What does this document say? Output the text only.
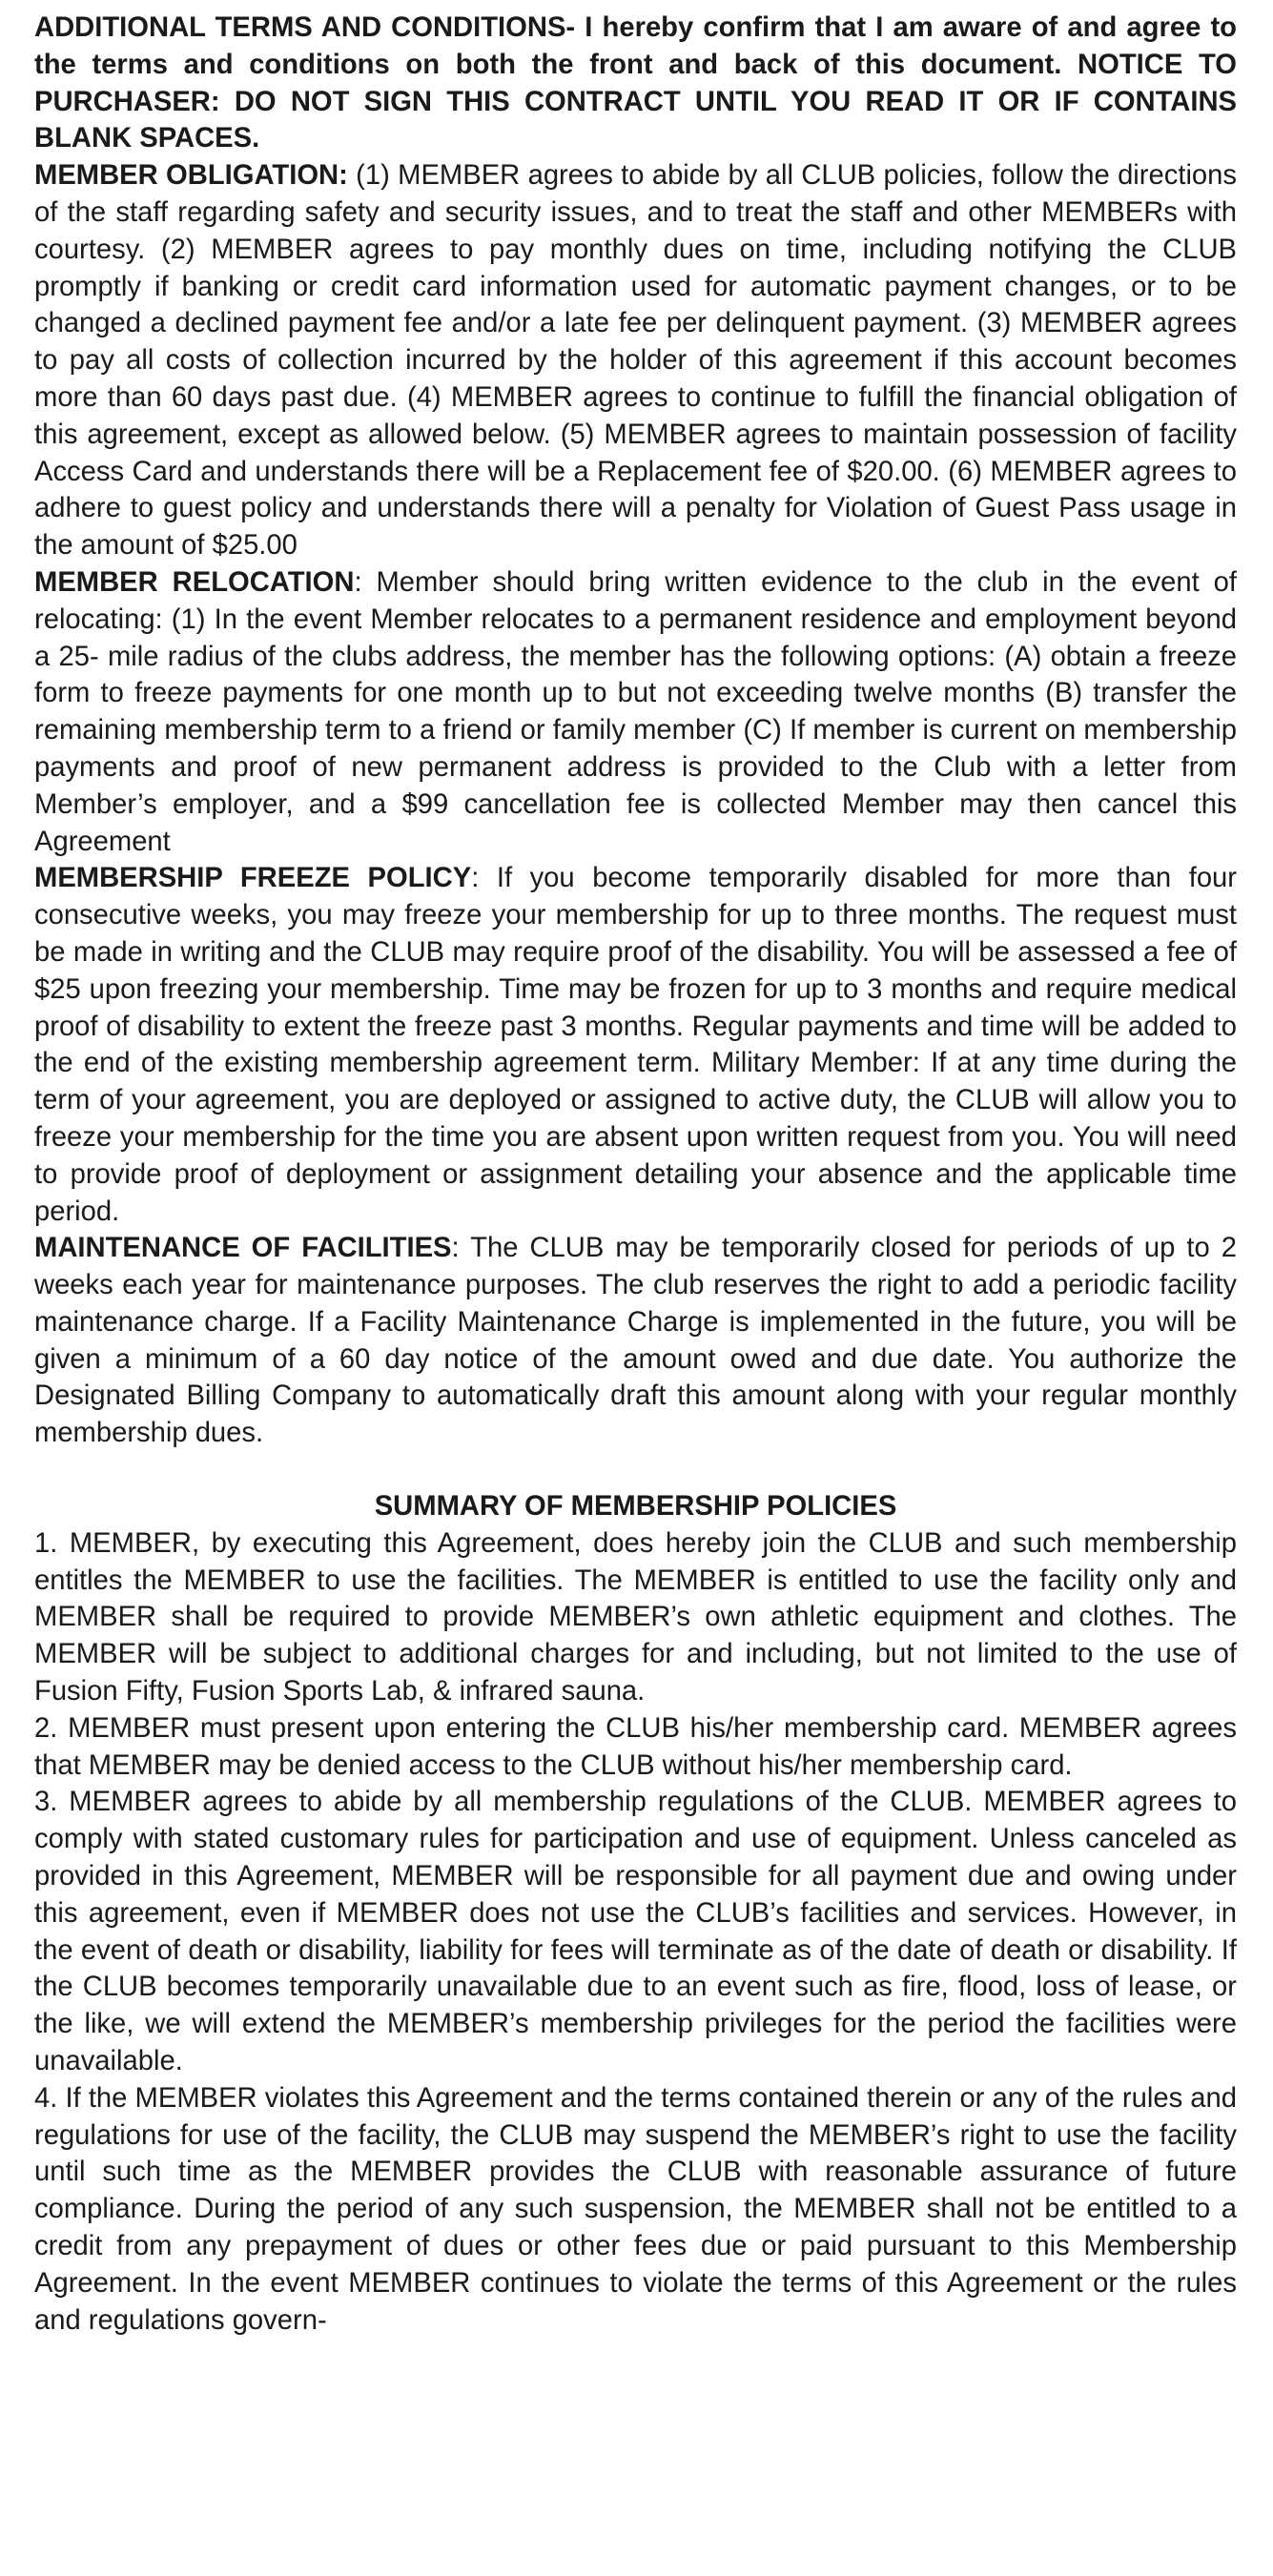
ADDITIONAL TERMS AND CONDITIONS- I hereby confirm that I am aware of and agree to the terms and conditions on both the front and back of this document. NOTICE TO PURCHASER: DO NOT SIGN THIS CONTRACT UNTIL YOU READ IT OR IF CONTAINS BLANK SPACES.

MEMBER OBLIGATION: (1) MEMBER agrees to abide by all CLUB policies, follow the directions of the staff regarding safety and security issues, and to treat the staff and other MEMBERs with courtesy. (2) MEMBER agrees to pay monthly dues on time, including notifying the CLUB promptly if banking or credit card information used for automatic payment changes, or to be changed a declined payment fee and/or a late fee per delinquent payment. (3) MEMBER agrees to pay all costs of collection incurred by the holder of this agreement if this account becomes more than 60 days past due. (4) MEMBER agrees to continue to fulfill the financial obligation of this agreement, except as allowed below. (5) MEMBER agrees to maintain possession of facility Access Card and understands there will be a Replacement fee of $20.00. (6) MEMBER agrees to adhere to guest policy and understands there will a penalty for Violation of Guest Pass usage in the amount of $25.00

MEMBER RELOCATION: Member should bring written evidence to the club in the event of relocating: (1) In the event Member relocates to a permanent residence and employment beyond a 25- mile radius of the clubs address, the member has the following options: (A) obtain a freeze form to freeze payments for one month up to but not exceeding twelve months (B) transfer the remaining membership term to a friend or family member (C) If member is current on membership payments and proof of new permanent address is provided to the Club with a letter from Member’s employer, and a $99 cancellation fee is collected Member may then cancel this Agreement

MEMBERSHIP FREEZE POLICY: If you become temporarily disabled for more than four consecutive weeks, you may freeze your membership for up to three months. The request must be made in writing and the CLUB may require proof of the disability. You will be assessed a fee of $25 upon freezing your membership. Time may be frozen for up to 3 months and require medical proof of disability to extent the freeze past 3 months. Regular payments and time will be added to the end of the existing membership agreement term. Military Member: If at any time during the term of your agreement, you are deployed or assigned to active duty, the CLUB will allow you to freeze your membership for the time you are absent upon written request from you. You will need to provide proof of deployment or assignment detailing your absence and the applicable time period.

MAINTENANCE OF FACILITIES: The CLUB may be temporarily closed for periods of up to 2 weeks each year for maintenance purposes. The club reserves the right to add a periodic facility maintenance charge. If a Facility Maintenance Charge is implemented in the future, you will be given a minimum of a 60 day notice of the amount owed and due date. You authorize the Designated Billing Company to automatically draft this amount along with your regular monthly membership dues.

SUMMARY OF MEMBERSHIP POLICIES

1. MEMBER, by executing this Agreement, does hereby join the CLUB and such membership entitles the MEMBER to use the facilities. The MEMBER is entitled to use the facility only and MEMBER shall be required to provide MEMBER’s own athletic equipment and clothes. The MEMBER will be subject to additional charges for and including, but not limited to the use of Fusion Fifty, Fusion Sports Lab, & infrared sauna.

2. MEMBER must present upon entering the CLUB his/her membership card. MEMBER agrees that MEMBER may be denied access to the CLUB without his/her membership card.

3. MEMBER agrees to abide by all membership regulations of the CLUB. MEMBER agrees to comply with stated customary rules for participation and use of equipment. Unless canceled as provided in this Agreement, MEMBER will be responsible for all payment due and owing under this agreement, even if MEMBER does not use the CLUB’s facilities and services. However, in the event of death or disability, liability for fees will terminate as of the date of death or disability. If the CLUB becomes temporarily unavailable due to an event such as fire, flood, loss of lease, or the like, we will extend the MEMBER’s membership privileges for the period the facilities were unavailable.

4. If the MEMBER violates this Agreement and the terms contained therein or any of the rules and regulations for use of the facility, the CLUB may suspend the MEMBER’s right to use the facility until such time as the MEMBER provides the CLUB with reasonable assurance of future compliance. During the period of any such suspension, the MEMBER shall not be entitled to a credit from any prepayment of dues or other fees due or paid pursuant to this Membership Agreement. In the event MEMBER continues to violate the terms of this Agreement or the rules and regulations govern-
